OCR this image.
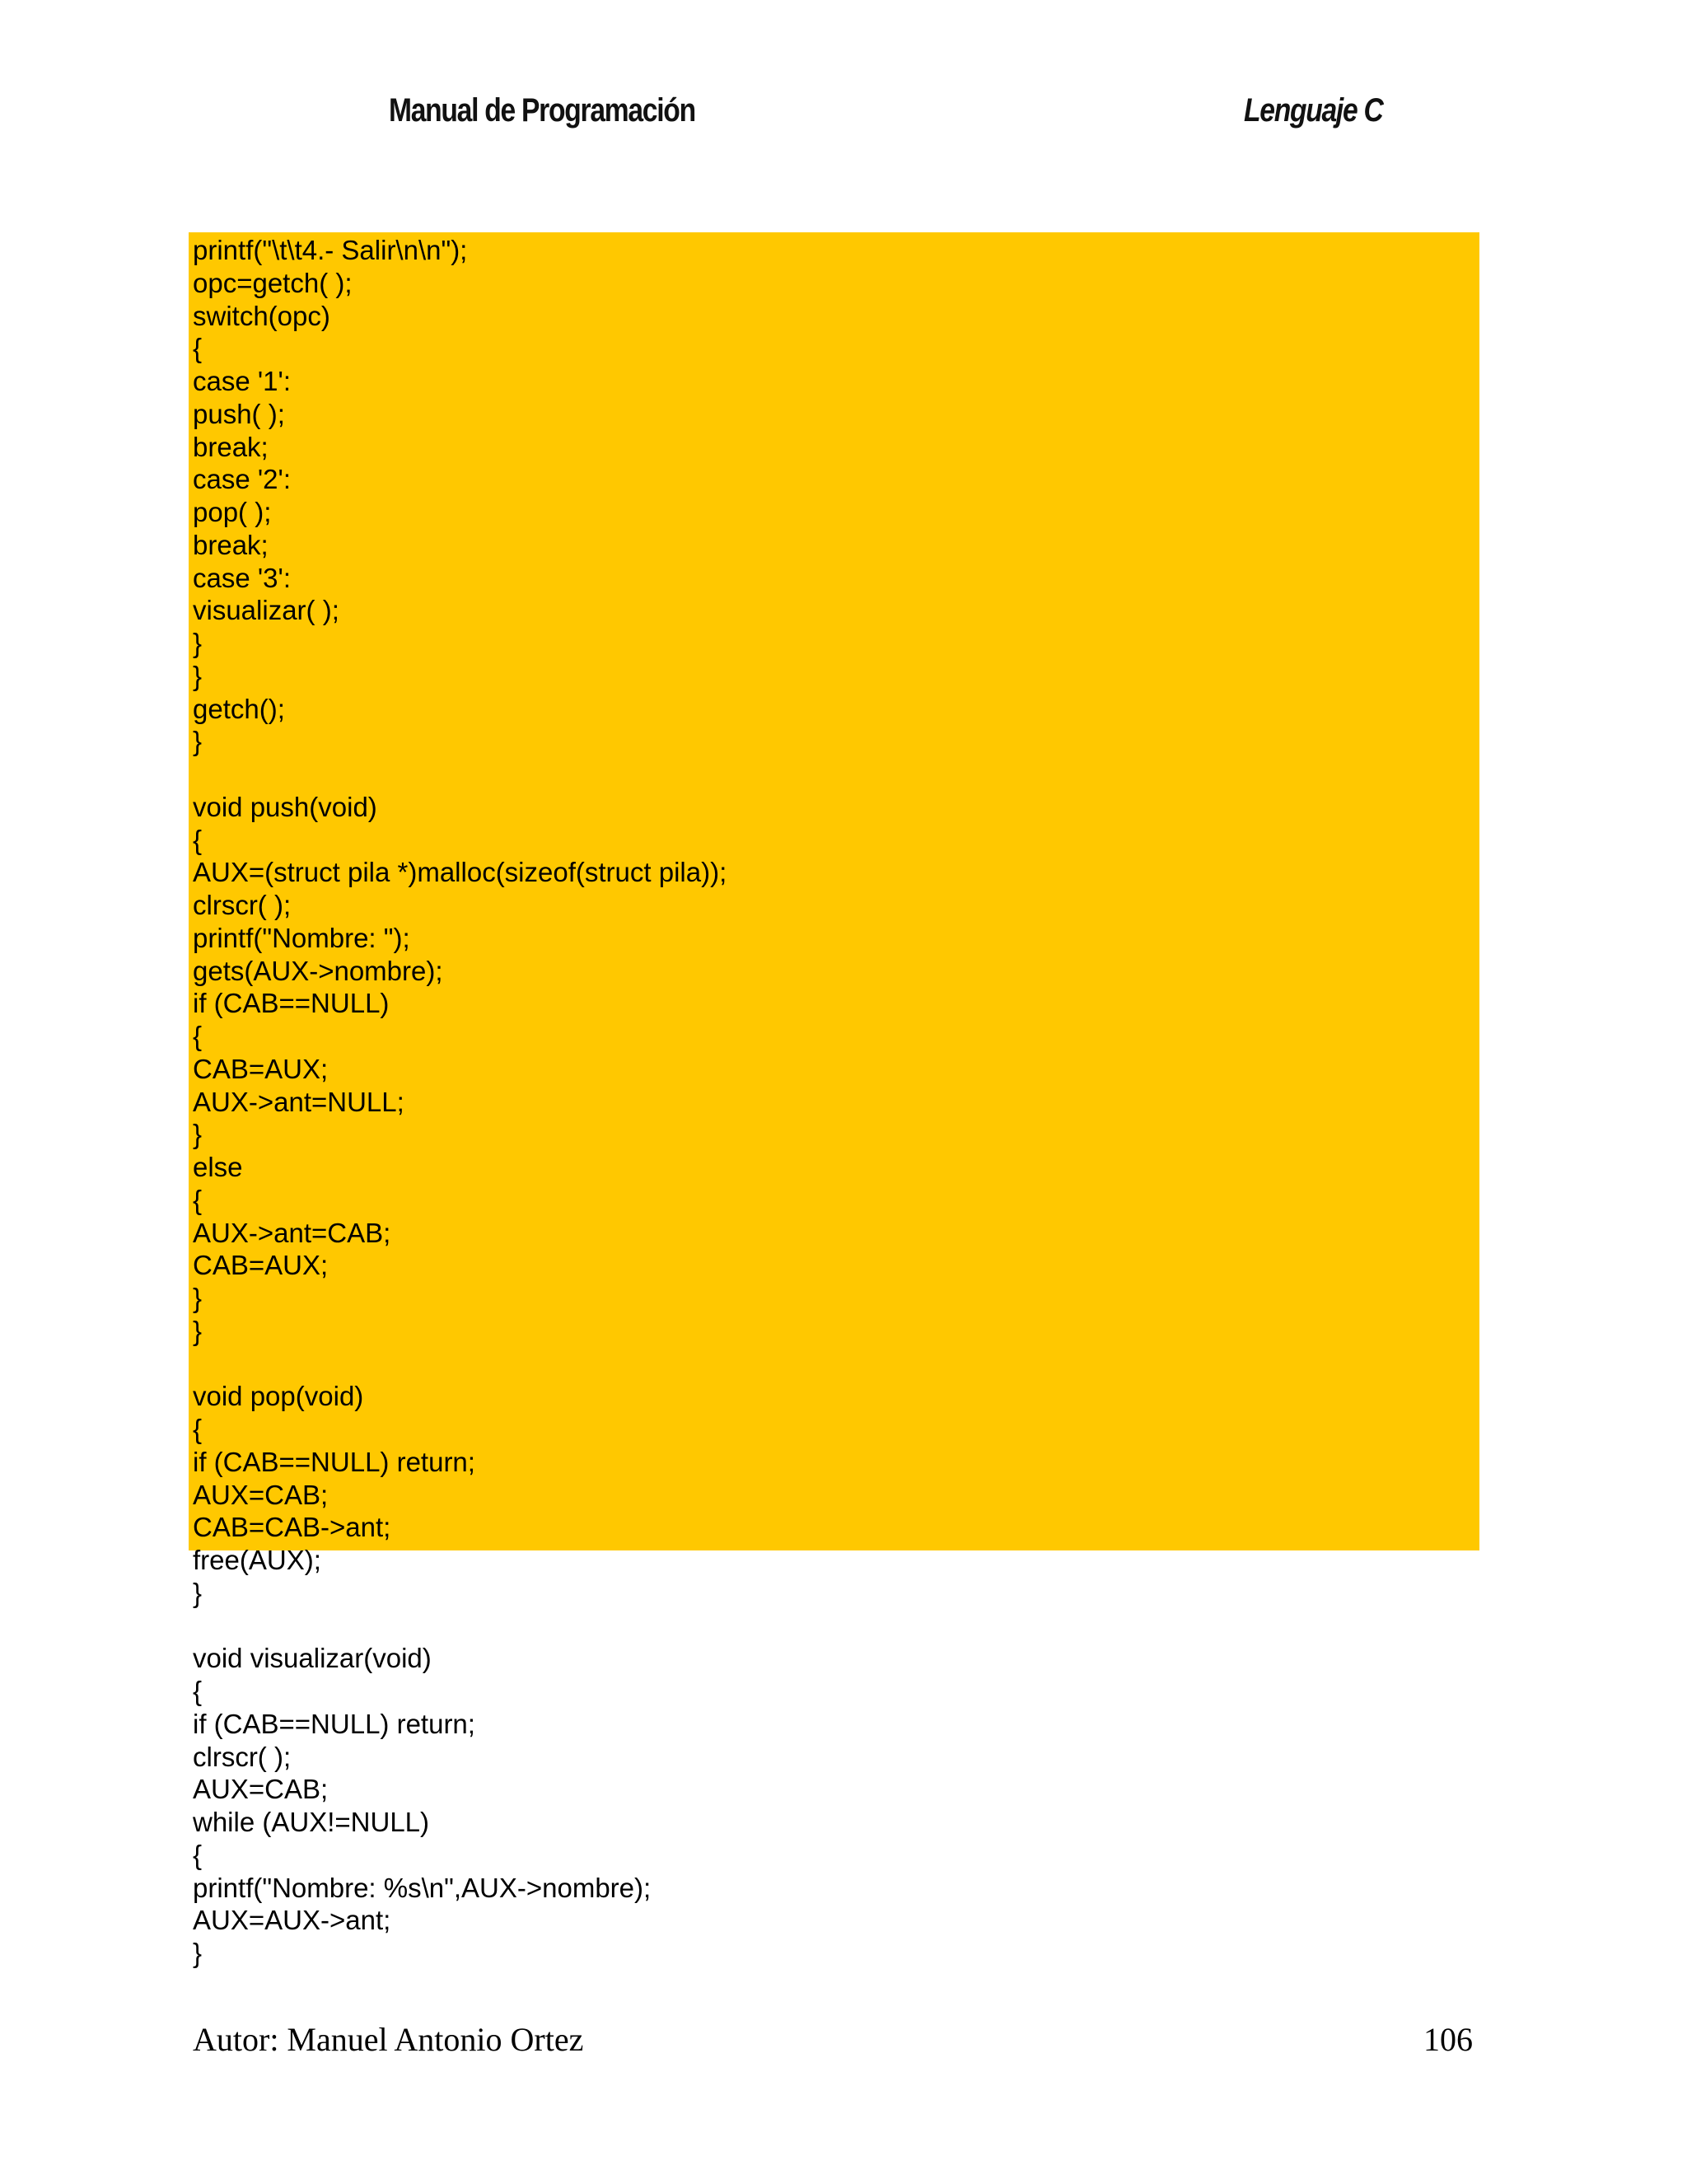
Manual de Programación	Lenguaje C
printf("\t\t4.- Salir\n\n");
opc=getch( );
switch(opc)
{
case '1':
push( );
break;
case '2':
pop( );
break;
case '3':
visualizar( );
}
}
getch();
}
void push(void)
{
AUX=(struct pila *)malloc(sizeof(struct pila));
clrscr( );
printf("Nombre: ");
gets(AUX->nombre);
if (CAB==NULL)
{
CAB=AUX;
AUX->ant=NULL;
}
else
{
AUX->ant=CAB;
CAB=AUX;
}
}
void pop(void)
{
if (CAB==NULL) return;
AUX=CAB;
CAB=CAB->ant;
free(AUX);
}
void visualizar(void)
{
if (CAB==NULL) return;
clrscr( );
AUX=CAB;
while (AUX!=NULL)
{
printf("Nombre: %s\n",AUX->nombre);
AUX=AUX->ant;
}
Autor: Manuel Antonio Ortez	106
